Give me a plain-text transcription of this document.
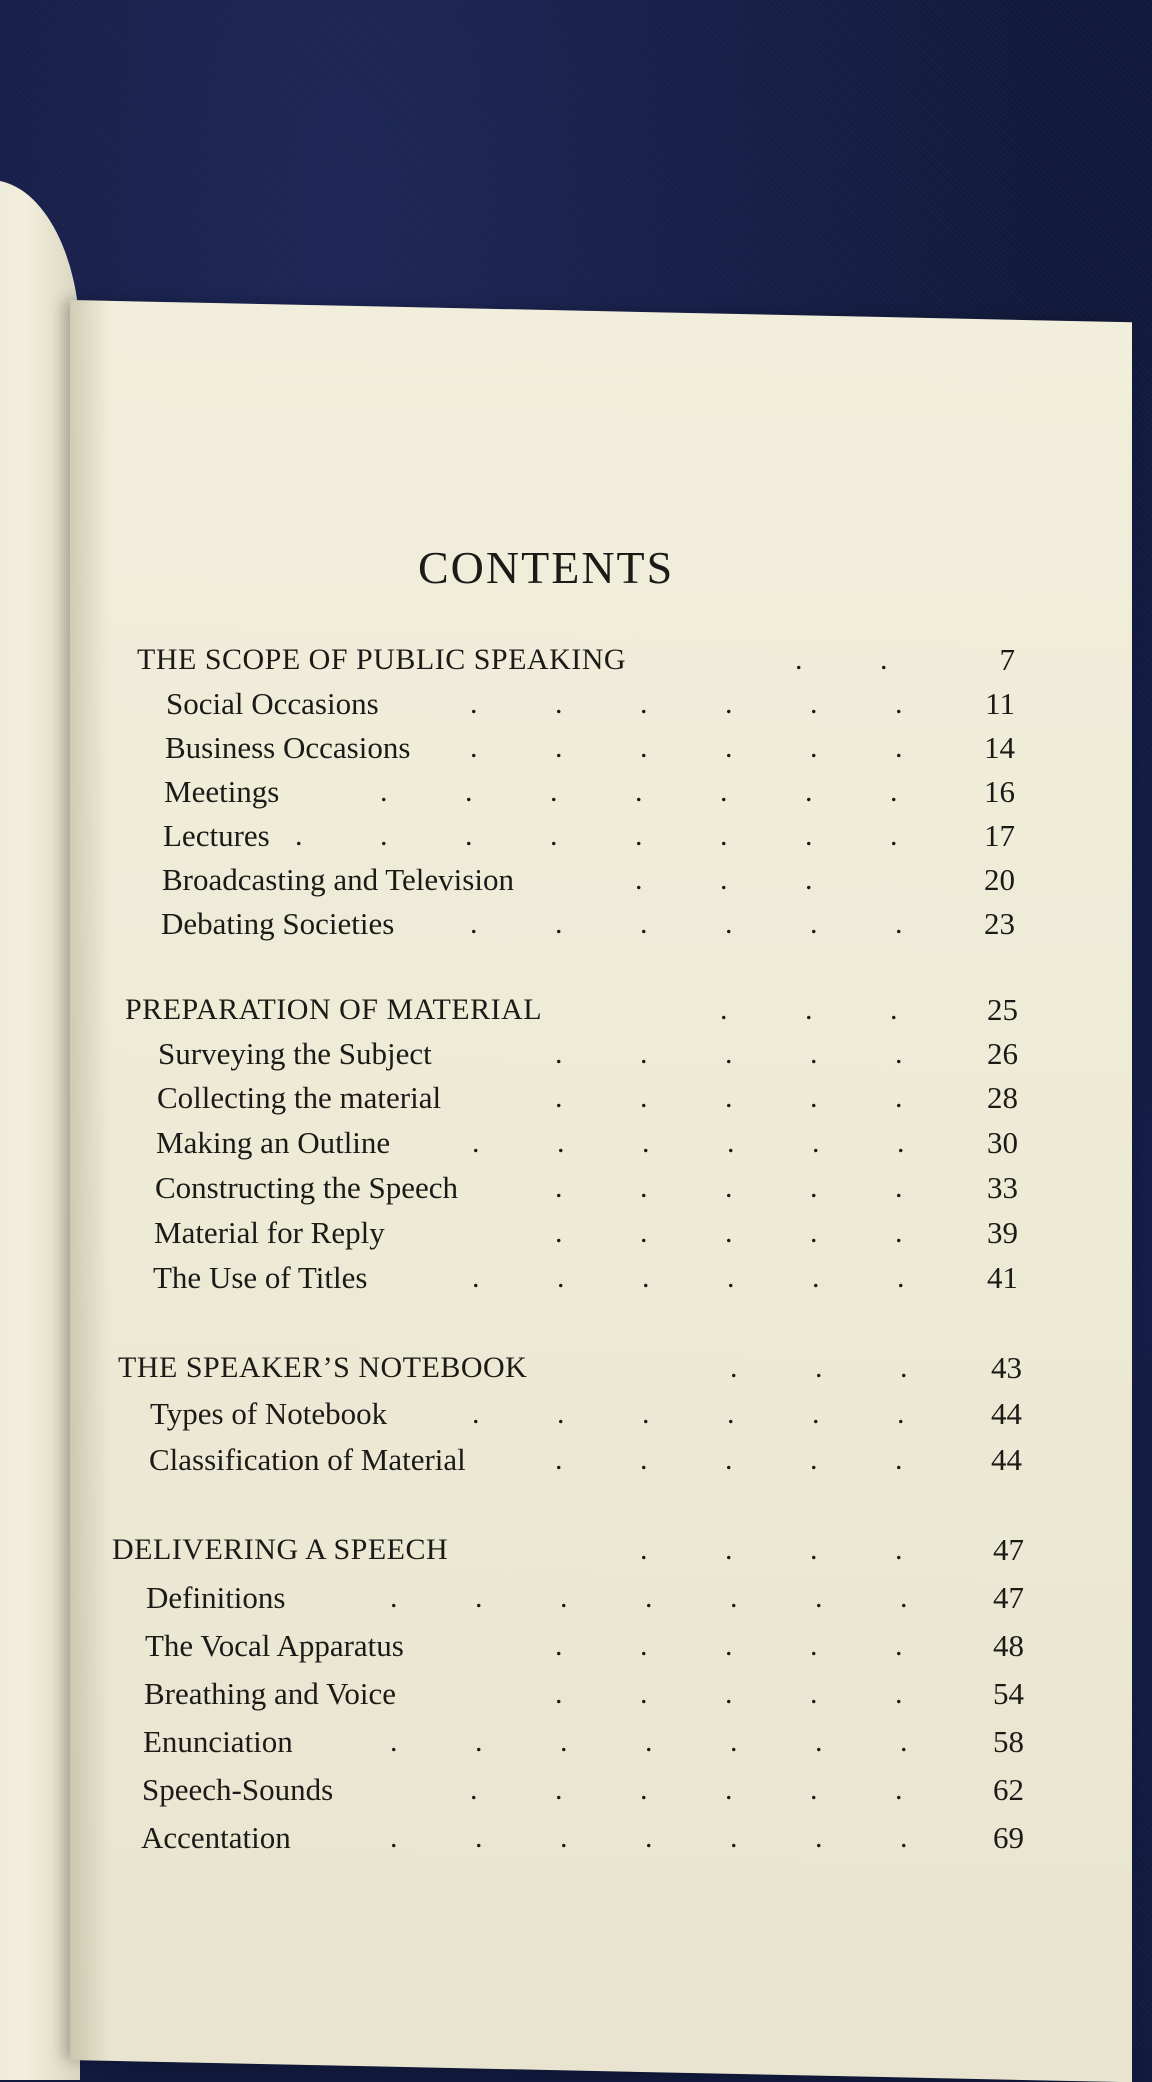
CONTENTS
THE SCOPE OF PUBLIC SPEAKING	.	.	7
Social Occasions	.	.	.	.	.	.	11
Business Occasions .	.	.	.	.	.	14
Meetings	.	.	.	.	.	.	.	16
Lectures .	.	.	.	.	.	.	.	17
Broadcasting and Television	.	.	.	20
Debating Societies	.	.	.	.	.	.	23
PREPARATION OF MATERIAL	.	.	.	25
Surveying the Subject	.	.	.	.	.	26
Collecting the material	.	.	.	.	.	28
Making an Outline	.	.	.	.	.	.	30
Constructing the Speech	.	.	.	.	.	33
Material for Reply	.	.	.	.	.	39
The Use of Titles	.	.	.	.	.	.	41
THE SPEAKER’S NOTEBOOK	.	.	.	43
Types of Notebook	.	.	.	.	.	.	44
Classification of Material	.	.	.	.	.	44
DELIVERING A SPEECH	.	.	.	.	47
Definitions	.	.	.	.	.	.	.	47
The Vocal Apparatus	.	.	.	.	.	48
Breathing and Voice	.	.	.	.	.	54
Enunciation	.	.	.	.	.	.	.	58
Speech-Sounds	.	.	.	.	.	.	62
Accentation	.	.	.	.	.	.	.	69
